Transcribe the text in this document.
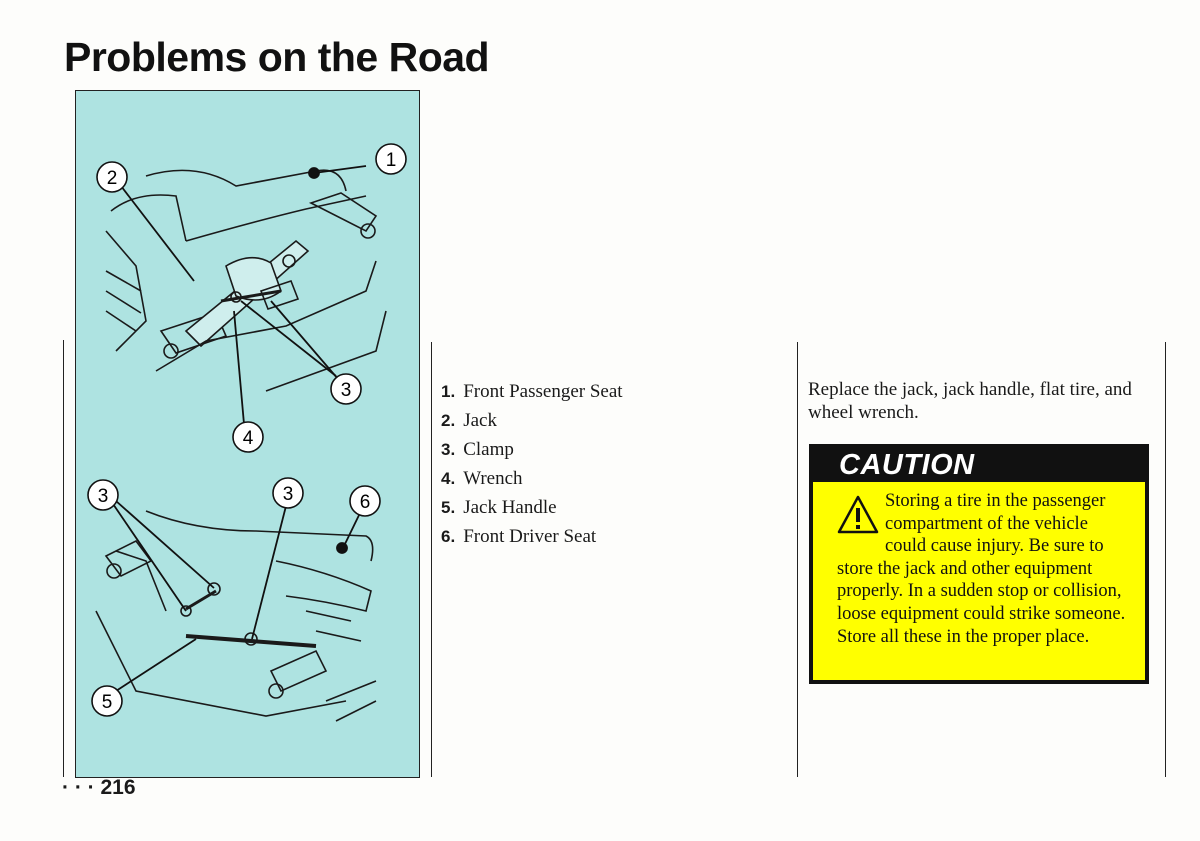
Problems on the Road
1
2
3
3
4
3
3
6
5
1. Front Passenger Seat
2. Jack
3. Clamp
4. Wrench
5. Jack Handle
6. Front Driver Seat

Replace the jack, jack handle, flat tire, and wheel wrench.

CAUTION
Storing a tire in the passenger compartment of the vehicle could cause injury. Be sure to store the jack and other equipment properly. In a sudden stop or collision, loose equipment could strike someone. Store all these in the proper place.
· · · 216
